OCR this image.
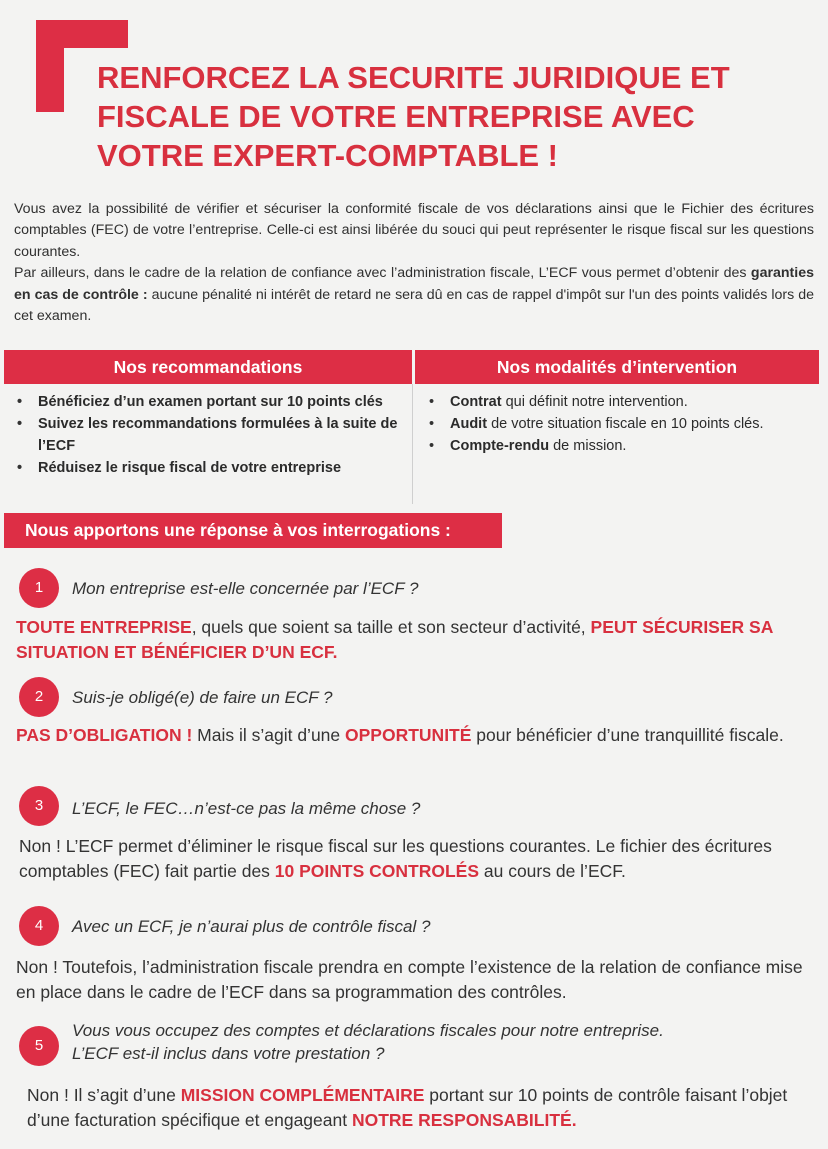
RENFORCEZ LA SECURITE JURIDIQUE ET
FISCALE DE VOTRE ENTREPRISE AVEC
VOTRE EXPERT-COMPTABLE !

Vous avez la possibilité de vérifier et sécuriser la conformité fiscale de vos déclarations ainsi que le Fichier des écritures comptables (FEC) de votre l’entreprise. Celle-ci est ainsi libérée du souci qui peut représenter le risque fiscal sur les questions courantes.

Par ailleurs, dans le cadre de la relation de confiance avec l’administration fiscale, L’ECF vous permet d’obtenir des garanties en cas de contrôle : aucune pénalité ni intérêt de retard ne sera dû en cas de rappel d'impôt sur l'un des points validés lors de cet examen.

Nos recommandations	Nos modalités d’intervention
• Bénéficiez d’un examen portant sur 10 points clés
• Suivez les recommandations formulées à la suite de l’ECF
• Réduisez le risque fiscal de votre entreprise
• Contrat qui définit notre intervention.
• Audit de votre situation fiscale en 10 points clés.
• Compte-rendu de mission.
Nous apportons une réponse à vos interrogations :
1	Mon entreprise est-elle concernée par l’ECF ?
TOUTE ENTREPRISE, quels que soient sa taille et son secteur d’activité, PEUT SÉCURISER SA SITUATION ET BÉNÉFICIER D’UN ECF.
2	Suis-je obligé(e) de faire un ECF ?
PAS D’OBLIGATION ! Mais il s’agit d’une OPPORTUNITÉ pour bénéficier d’une tranquillité fiscale.
3	L’ECF, le FEC…n’est-ce pas la même chose ?
Non ! L’ECF permet d’éliminer le risque fiscal sur les questions courantes. Le fichier des écritures comptables (FEC) fait partie des 10 POINTS CONTROLÉS au cours de l’ECF.
4	Avec un ECF, je n’aurai plus de contrôle fiscal ?
Non ! Toutefois, l’administration fiscale prendra en compte l’existence de la relation de confiance mise en place dans le cadre de l’ECF dans sa programmation des contrôles.
5
Vous vous occupez des comptes et déclarations fiscales pour notre entreprise.
L’ECF est-il inclus dans votre prestation ?
Non ! Il s’agit d’une MISSION COMPLÉMENTAIRE portant sur 10 points de contrôle faisant l’objet d’une facturation spécifique et engageant NOTRE RESPONSABILITÉ.
